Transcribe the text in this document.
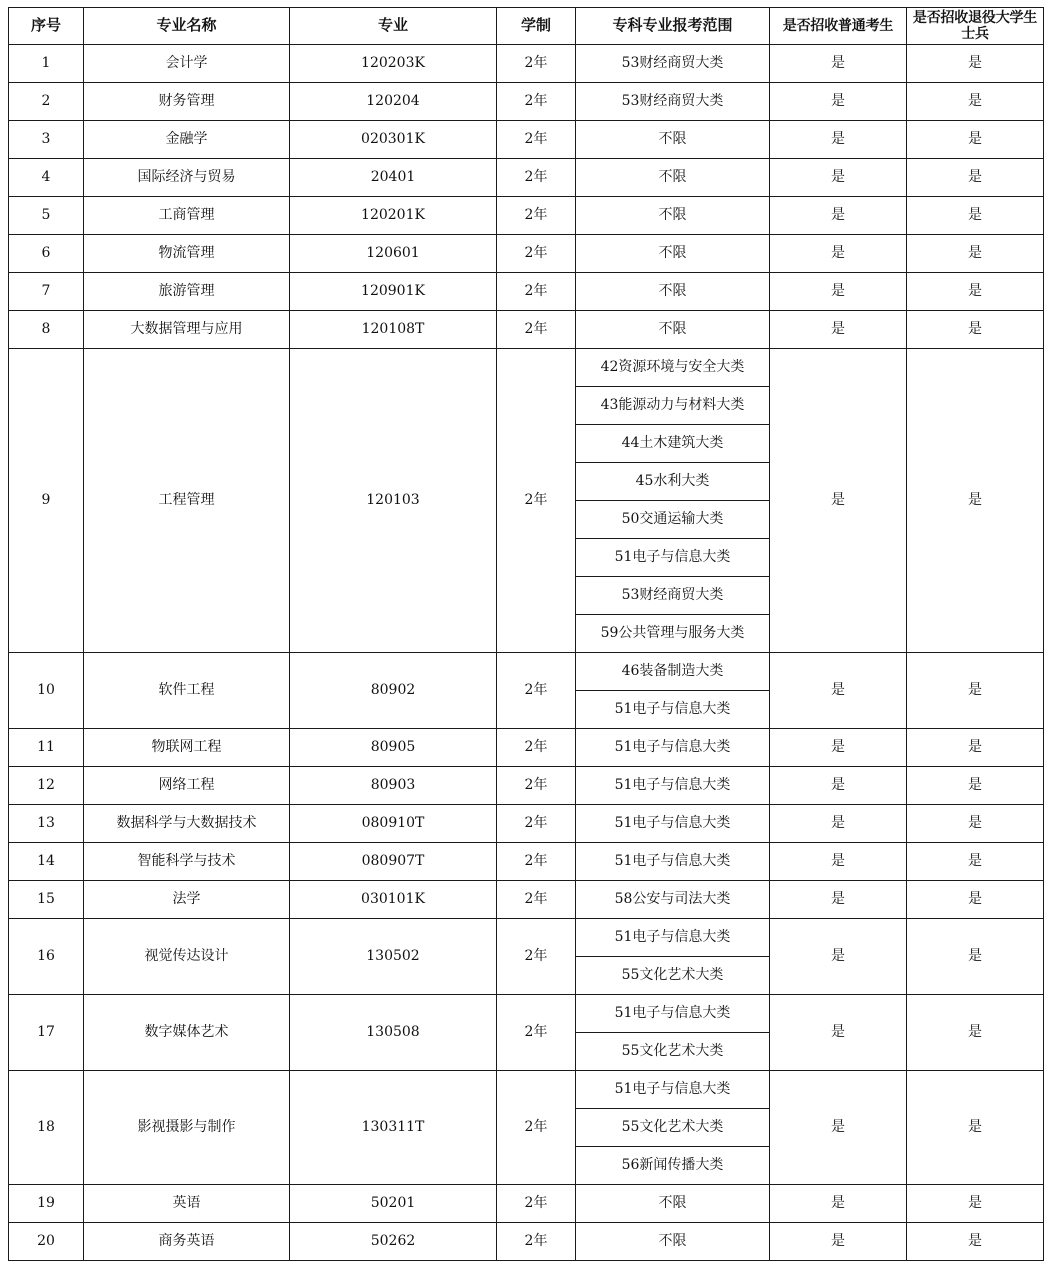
序号	专业名称	专业	学制	专科专业报考范围	是否招收普通考生	是否招收退役大学生士兵
1	会计学	120203K	2年	53财经商贸大类	是	是
2	财务管理	120204	2年	53财经商贸大类	是	是
3	金融学	020301K	2年	不限	是	是
4	国际经济与贸易	20401	2年	不限	是	是
5	工商管理	120201K	2年	不限	是	是
6	物流管理	120601	2年	不限	是	是
7	旅游管理	120901K	2年	不限	是	是
8	大数据管理与应用	120108T	2年	不限	是	是
9	工程管理	120103	2年	42资源环境与安全大类	是	是
				43能源动力与材料大类		
				44土木建筑大类		
				45水利大类		
				50交通运输大类		
				51电子与信息大类		
				53财经商贸大类		
				59公共管理与服务大类		
10	软件工程	80902	2年	46装备制造大类	是	是
				51电子与信息大类		
11	物联网工程	80905	2年	51电子与信息大类	是	是
12	网络工程	80903	2年	51电子与信息大类	是	是
13	数据科学与大数据技术	080910T	2年	51电子与信息大类	是	是
14	智能科学与技术	080907T	2年	51电子与信息大类	是	是
15	法学	030101K	2年	58公安与司法大类	是	是
16	视觉传达设计	130502	2年	51电子与信息大类	是	是
				55文化艺术大类		
17	数字媒体艺术	130508	2年	51电子与信息大类	是	是
				55文化艺术大类		
18	影视摄影与制作	130311T	2年	51电子与信息大类	是	是
				55文化艺术大类		
				56新闻传播大类		
19	英语	50201	2年	不限	是	是
20	商务英语	50262	2年	不限	是	是
